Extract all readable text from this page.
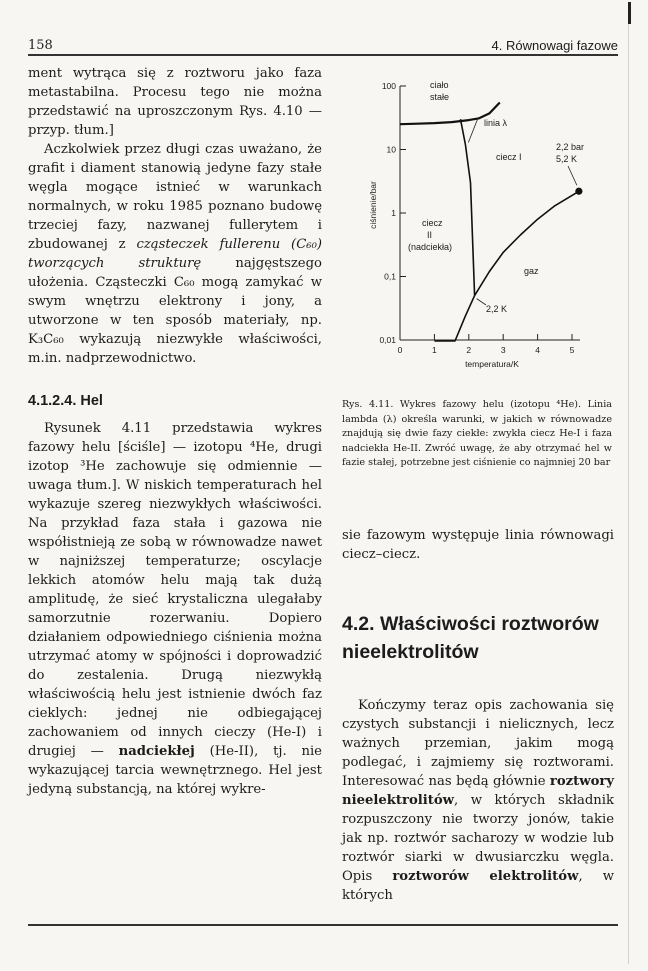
158	4. Równowagi fazowe

ment wytrąca się z roztworu jako faza metastabilna. Procesu tego nie można przedstawić na uproszczonym Rys. 4.10 — przyp. tłum.]

Aczkolwiek przez długi czas uważano, że grafit i diament stanowią jedyne fazy stałe węgla mogące istnieć w warunkach normalnych, w roku 1985 poznano budowę trzeciej fazy, nazwanej fullerytem i zbudowanej z cząsteczek fullerenu (C₆₀) tworzących strukturę najgęstszego ułożenia. Cząsteczki C₆₀ mogą zamykać w swym wnętrzu elektrony i jony, a utworzone w ten sposób materiały, np. K₃C₆₀ wykazują niezwykłe właściwości, m.in. nadprzewodnictwo.

4.1.2.4. Hel

Rysunek 4.11 przedstawia wykres fazowy helu [ściśle] — izotopu ⁴He, drugi izotop ³He zachowuje się odmiennie — uwaga tłum.]. W niskich temperaturach hel wykazuje szereg niezwykłych właściwości. Na przykład faza stała i gazowa nie współistnieją ze sobą w równowadze nawet w najniższej temperaturze; oscylacje lekkich atomów helu mają tak dużą amplitudę, że sieć krystaliczna ulegałaby samorzutnie rozerwaniu. Dopiero działaniem odpowiedniego ciśnienia można utrzymać atomy w spójności i doprowadzić do zestalenia. Drugą niezwykłą właściwością helu jest istnienie dwóch faz cieklych: jednej nie odbiegającej zachowaniem od innych cieczy (He-I) i drugiej — nadciekłej (He-II), tj. nie wykazującej tarcia wewnętrznego. Hel jest jedyną substancją, na której wykre-

0,01
0,1
1
10
100
0	1	2	3	4	5
temperatura/K
ciśnienie/bar
ciało
stałe
linia λ
ciecz I
2,2 bar
5,2 K
ciecz
II
(nadciekła)
gaz
2,2 K
Rys. 4.11. Wykres fazowy helu (izotopu ⁴He). Linia lambda (λ) określa warunki, w jakich w równowadze znajdują się dwie fazy ciekłe: zwykła ciecz He-I i faza nadciekła He-II. Zwróć uwagę, że aby otrzymać hel w fazie stałej, potrzebne jest ciśnienie co najmniej 20 bar

sie fazowym występuje linia równowagi ciecz–ciecz.

4.2. Właściwości roztworów
nieelektrolitów

Kończymy teraz opis zachowania się czystych substancji i nielicznych, lecz ważnych przemian, jakim mogą podlegać, i zajmiemy się roztworami. Interesować nas będą głównie roztwory nieelektrolitów, w których składnik rozpuszczony nie tworzy jonów, takie jak np. roztwór sacharozy w wodzie lub roztwór siarki w dwusiarczku węgla. Opis roztworów elektrolitów, w których
